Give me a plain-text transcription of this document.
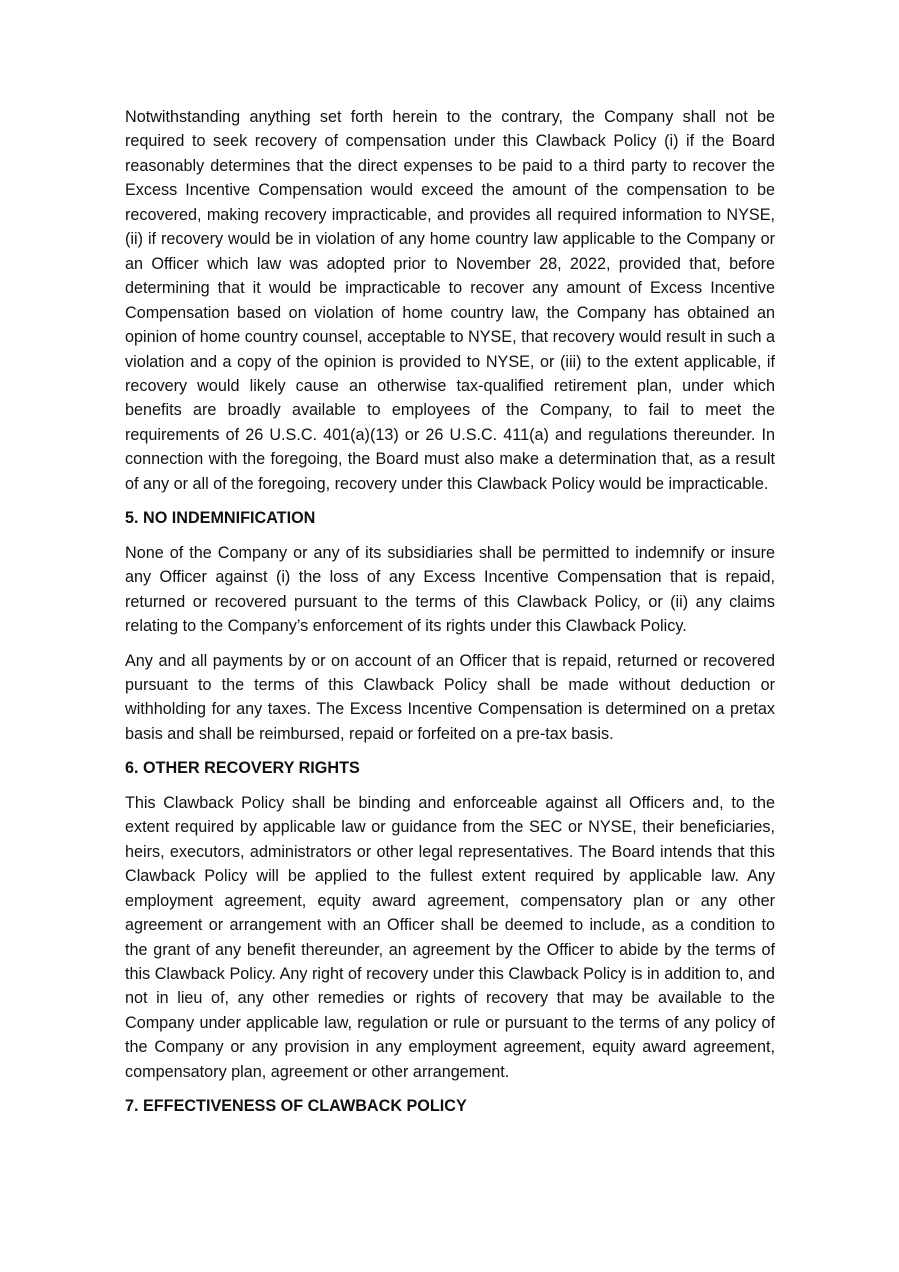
Notwithstanding anything set forth herein to the contrary, the Company shall not be required to seek recovery of compensation under this Clawback Policy (i) if the Board reasonably determines that the direct expenses to be paid to a third party to recover the Excess Incentive Compensation would exceed the amount of the compensation to be recovered, making recovery impracticable, and provides all required information to NYSE, (ii) if recovery would be in violation of any home country law applicable to the Company or an Officer which law was adopted prior to November 28, 2022, provided that, before determining that it would be impracticable to recover any amount of Excess Incentive Compensation based on violation of home country law, the Company has obtained an opinion of home country counsel, acceptable to NYSE, that recovery would result in such a violation and a copy of the opinion is provided to NYSE, or (iii) to the extent applicable, if recovery would likely cause an otherwise tax-qualified retirement plan, under which benefits are broadly available to employees of the Company, to fail to meet the requirements of 26 U.S.C. 401(a)(13) or 26 U.S.C. 411(a) and regulations thereunder. In connection with the foregoing, the Board must also make a determination that, as a result of any or all of the foregoing, recovery under this Clawback Policy would be impracticable.

5. NO INDEMNIFICATION

None of the Company or any of its subsidiaries shall be permitted to indemnify or insure any Officer against (i) the loss of any Excess Incentive Compensation that is repaid, returned or recovered pursuant to the terms of this Clawback Policy, or (ii) any claims relating to the Company’s enforcement of its rights under this Clawback Policy.

Any and all payments by or on account of an Officer that is repaid, returned or recovered pursuant to the terms of this Clawback Policy shall be made without deduction or withholding for any taxes. The Excess Incentive Compensation is determined on a pretax basis and shall be reimbursed, repaid or forfeited on a pre-tax basis.

6. OTHER RECOVERY RIGHTS

This Clawback Policy shall be binding and enforceable against all Officers and, to the extent required by applicable law or guidance from the SEC or NYSE, their beneficiaries, heirs, executors, administrators or other legal representatives. The Board intends that this Clawback Policy will be applied to the fullest extent required by applicable law. Any employment agreement, equity award agreement, compensatory plan or any other agreement or arrangement with an Officer shall be deemed to include, as a condition to the grant of any benefit thereunder, an agreement by the Officer to abide by the terms of this Clawback Policy. Any right of recovery under this Clawback Policy is in addition to, and not in lieu of, any other remedies or rights of recovery that may be available to the Company under applicable law, regulation or rule or pursuant to the terms of any policy of the Company or any provision in any employment agreement, equity award agreement, compensatory plan, agreement or other arrangement.

7. EFFECTIVENESS OF CLAWBACK POLICY
